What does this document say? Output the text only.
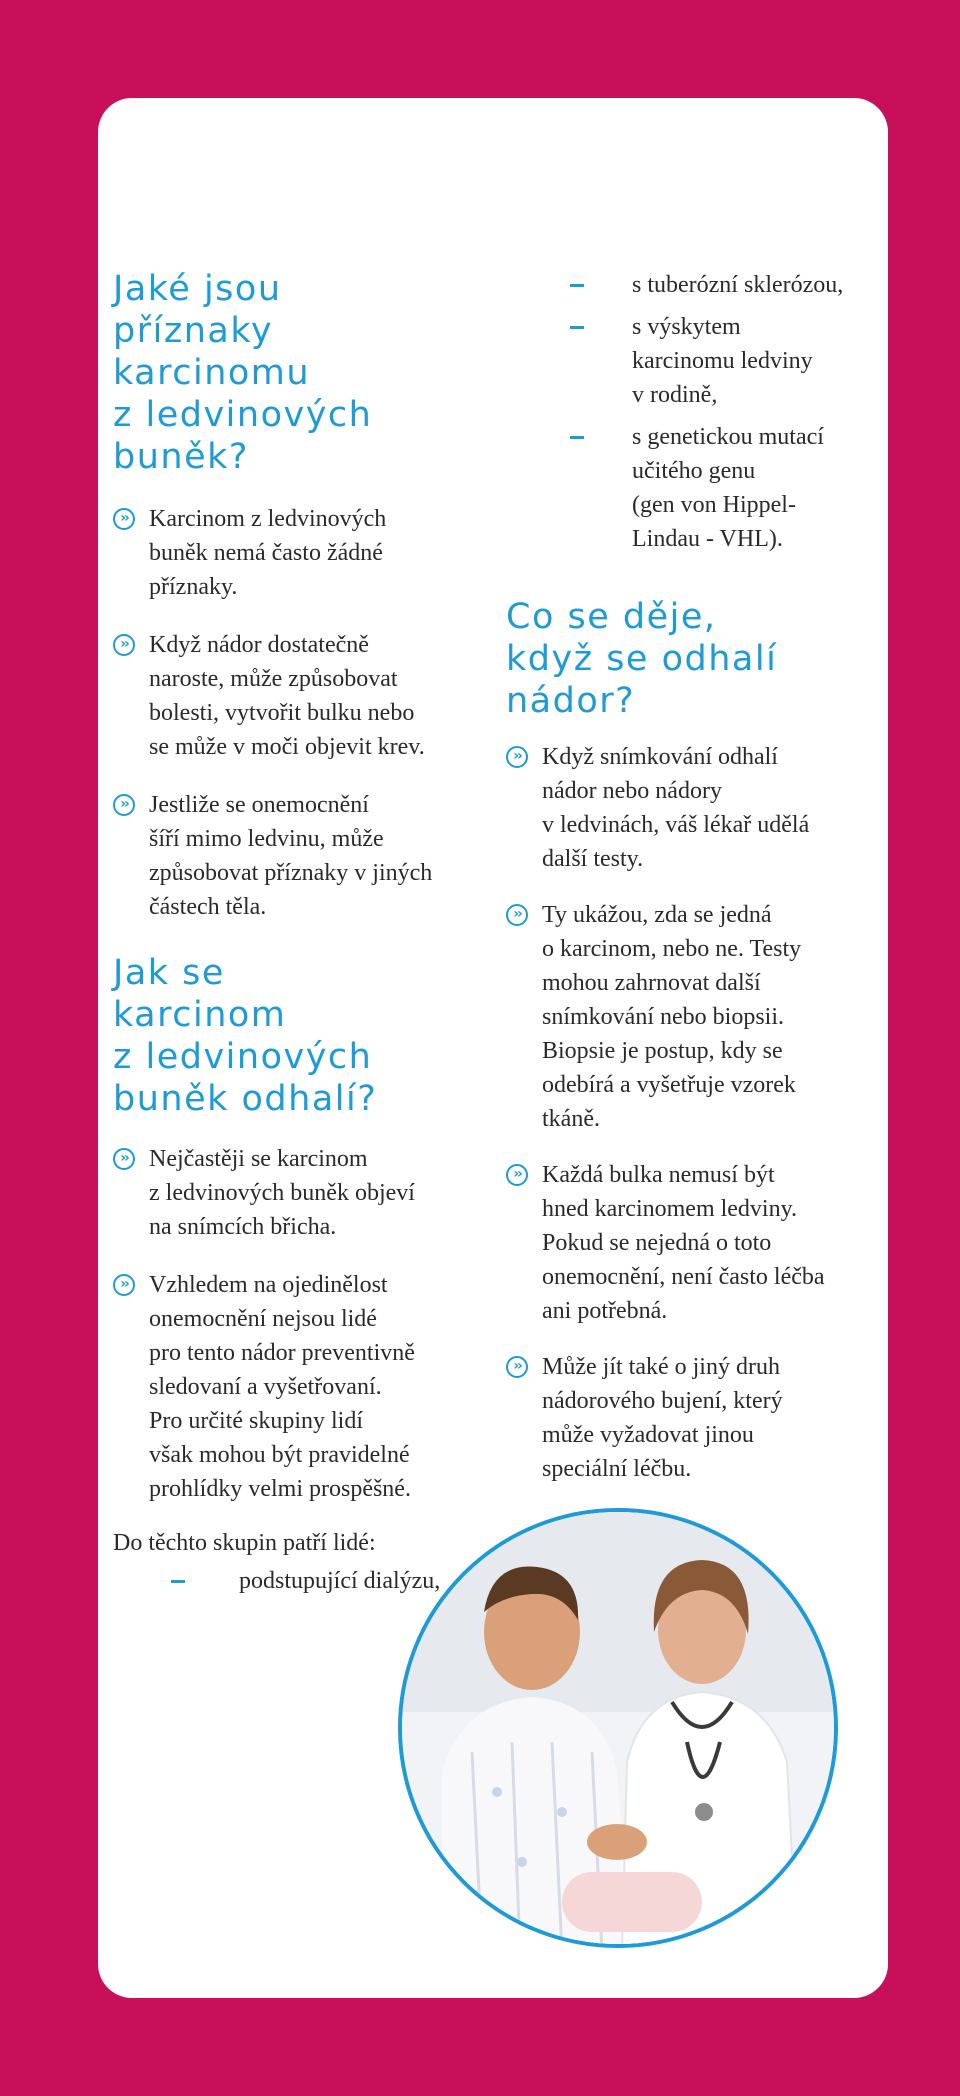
Jaké jsou
příznaky
karcinomu
z ledvinových
buněk?
›› Karcinom z ledvinových
buněk nemá často žádné
příznaky.
›› Když nádor dostatečně
naroste, může způsobovat
bolesti, vytvořit bulku nebo
se může v moči objevit krev.
›› Jestliže se onemocnění
šíří mimo ledvinu, může
způsobovat příznaky v jiných
částech těla.
Jak se
karcinom
z ledvinových
buněk odhalí?
›› Nejčastěji se karcinom
z ledvinových buněk objeví
na snímcích břicha.
›› Vzhledem na ojedinělost
onemocnění nejsou lidé
pro tento nádor preventivně
sledovaní a vyšetřovaní.
Pro určité skupiny lidí
však mohou být pravidelné
prohlídky velmi prospěšné.
Do těchto skupin patří lidé:
podstupující dialýzu,
s tuberózní sklerózou,
s výskytem
karcinomu ledviny
v rodině,
s genetickou mutací
učitého genu
(gen von Hippel-
Lindau - VHL).
Co se děje,
když se odhalí
nádor?
›› Když snímkování odhalí
nádor nebo nádory
v ledvinách, váš lékař udělá
další testy.
›› Ty ukážou, zda se jedná
o karcinom, nebo ne. Testy
mohou zahrnovat další
snímkování nebo biopsii.
Biopsie je postup, kdy se
odebírá a vyšetřuje vzorek
tkáně.
›› Každá bulka nemusí být
hned karcinomem ledviny.
Pokud se nejedná o toto
onemocnění, není často léčba
ani potřebná.
›› Může jít také o jiný druh
nádorového bujení, který
může vyžadovat jinou
speciální léčbu.
